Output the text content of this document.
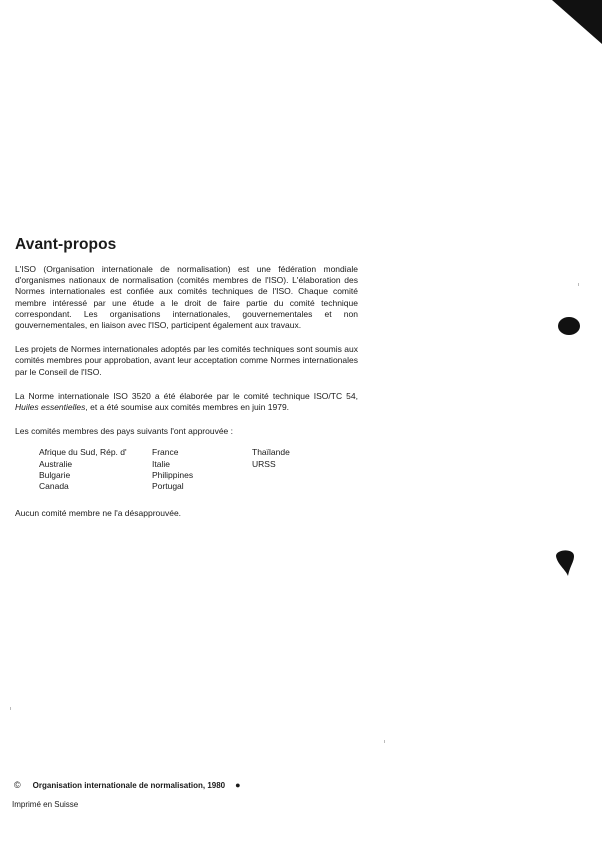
Avant-propos

L'ISO (Organisation internationale de normalisation) est une fédération mondiale d'organismes nationaux de normalisation (comités membres de l'ISO). L'élaboration des Normes internationales est confiée aux comités techniques de l'ISO. Chaque comité membre intéressé par une étude a le droit de faire partie du comité technique correspondant. Les organisations internationales, gouvernementales et non gouvernementales, en liaison avec l'ISO, participent également aux travaux.

Les projets de Normes internationales adoptés par les comités techniques sont soumis aux comités membres pour approbation, avant leur acceptation comme Normes internationales par le Conseil de l'ISO.

La Norme internationale ISO 3520 a été élaborée par le comité technique ISO/TC 54, Huiles essentielles, et a été soumise aux comités membres en juin 1979.

Les comités membres des pays suivants l'ont approuvée :

Afrique du Sud, Rép. d'	France	Thaïlande
Australie	Italie	URSS
Bulgarie	Philippines
Canada	Portugal

Aucun comité membre ne l'a désapprouvée.

© Organisation internationale de normalisation, 1980 ●
Imprimé en Suisse
